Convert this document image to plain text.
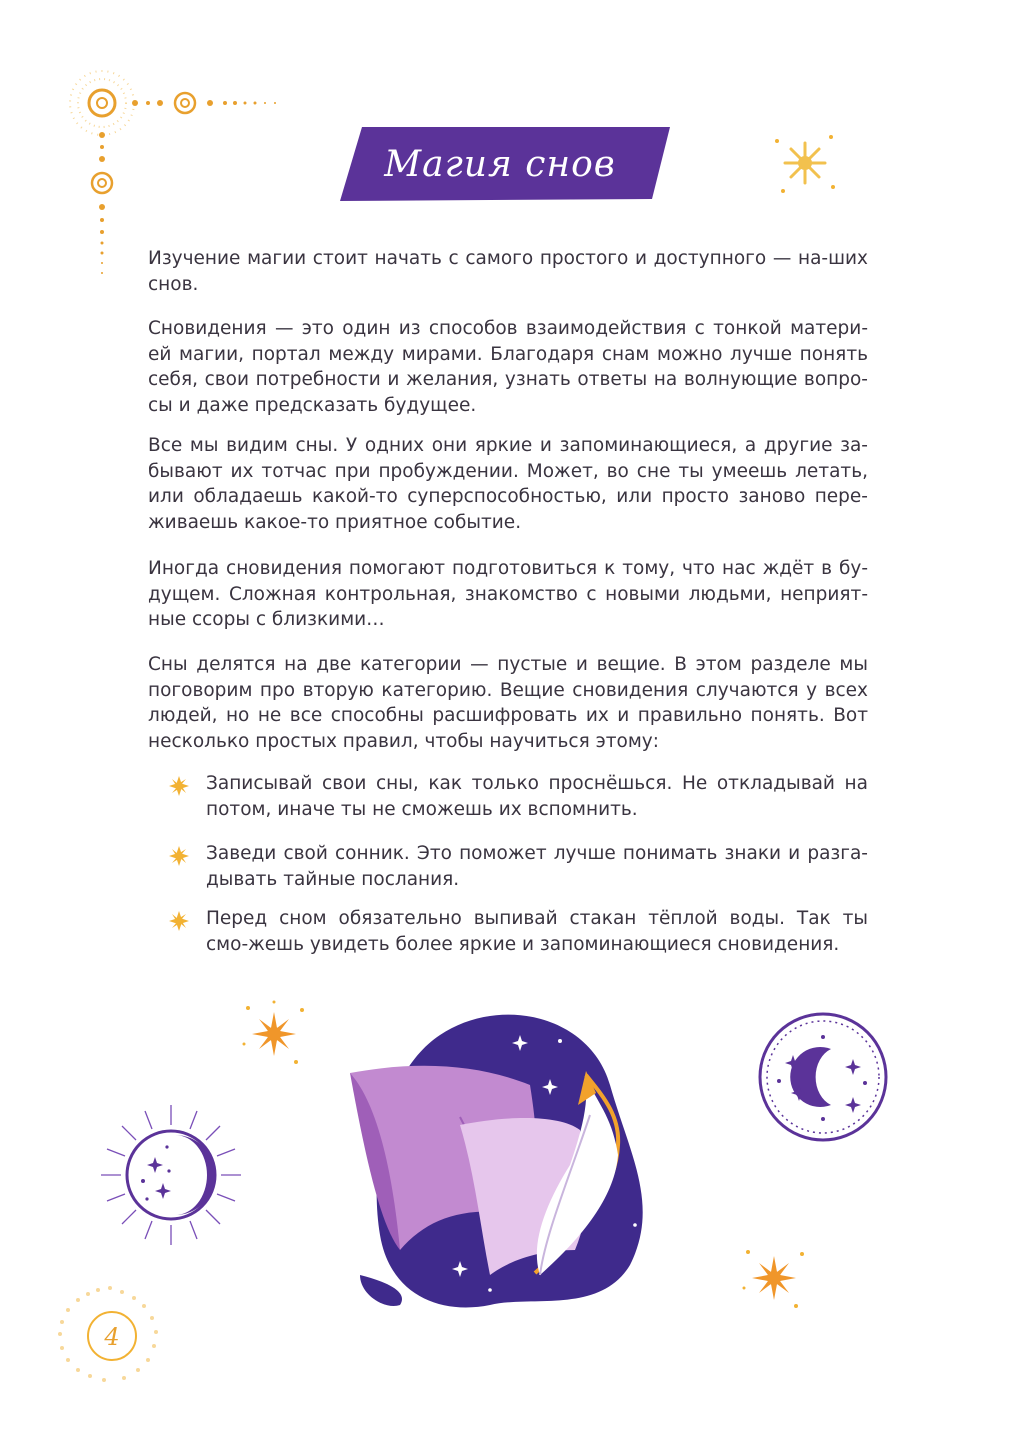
Магия снов

Изучение магии стоит начать с самого простого и доступного — на-ших снов.

Сновидения — это один из способов взаимодействия с тонкой матери-ей магии, портал между мирами. Благодаря снам можно лучше понять себя, свои потребности и желания, узнать ответы на волнующие вопро-сы и даже предсказать будущее.

Все мы видим сны. У одних они яркие и запоминающиеся, а другие за-бывают их тотчас при пробуждении. Может, во сне ты умеешь летать, или обладаешь какой-то суперспособностью, или просто заново пере-живаешь какое-то приятное событие.

Иногда сновидения помогают подготовиться к тому, что нас ждёт в бу-дущем. Сложная контрольная, знакомство с новыми людьми, неприят-ные ссоры с близкими…

Сны делятся на две категории — пустые и вещие. В этом разделе мы поговорим про вторую категорию. Вещие сновидения случаются у всех людей, но не все способны расшифровать их и правильно понять. Вот несколько простых правил, чтобы научиться этому:

Записывай свои сны, как только проснёшься. Не откладывай на потом, иначе ты не сможешь их вспомнить.

Заведи свой сонник. Это поможет лучше понимать знаки и разга-дывать тайные послания.

Перед сном обязательно выпивай стакан тёплой воды. Так ты смо-жешь увидеть более яркие и запоминающиеся сновидения.

4
